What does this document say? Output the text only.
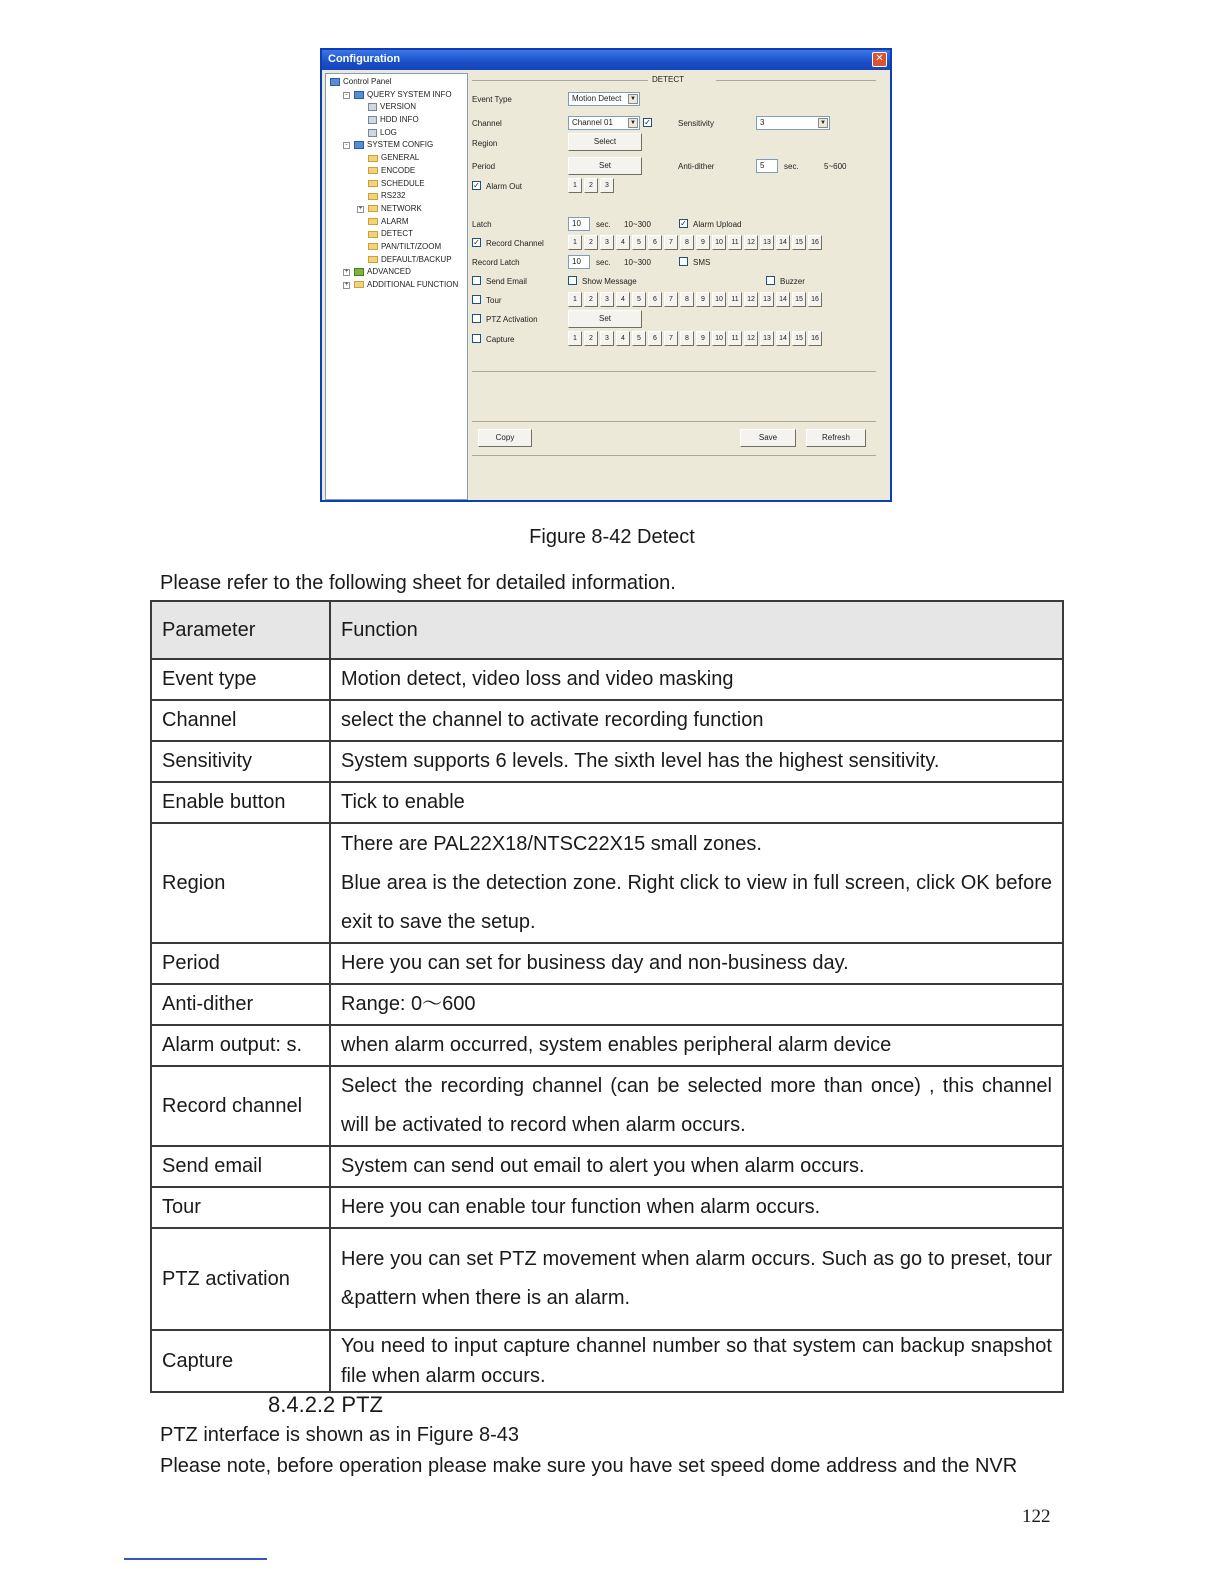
Configuration	✕
Control Panel
-	QUERY SYSTEM INFO
VERSION
HDD INFO
LOG
-	SYSTEM CONFIG
GENERAL
ENCODE
SCHEDULE
RS232
+	NETWORK
ALARM
DETECT
PAN/TILT/ZOOM
DEFAULT/BACKUP
+	ADVANCED
+	ADDITIONAL FUNCTION
DETECT
Event Type	Motion Detect	▼
Channel	Channel 01	▼ ✓	Sensitivity	3	▼
Region	Select
Period	Set	Anti-dither	5	sec.	5~600
✓ Alarm Out	1	2	3
Latch	10	sec. 10~300	✓ Alarm Upload
✓ Record Channel	1	2	3	4	5	6	7	8	9	10	11	12	13	14	15	16
Record Latch	10	sec. 10~300	SMS
Send Email	Show Message	Buzzer
Tour	1	2	3	4	5	6	7	8	9	10	11	12	13	14	15	16
PTZ Activation	Set
Capture	1	2	3	4	5	6	7	8	9	10	11	12	13	14	15	16
Copy	Save	Refresh
Figure 8-42 Detect
Please refer to the following sheet for detailed information.
Parameter	Function
Event type	Motion detect, video loss and video masking

Channel	select the channel to activate recording function

Sensitivity	System supports 6 levels. The sixth level has the highest sensitivity.

Enable button	Tick to enable

Region	There are PAL22X18/NTSC22X15 small zones.
Blue area is the detection zone. Right click to view in full screen, click OK before exit to save the setup.

Period	Here you can set for business day and non-business day.

Anti-dither	Range: 0～600

Alarm output: s.	when alarm occurred, system enables peripheral alarm device

Record channel	Select the recording channel (can be selected more than once) , this channel will be activated to record when alarm occurs.

Send email	System can send out email to alert you when alarm occurs.

Tour	Here you can enable tour function when alarm occurs.

PTZ activation	Here you can set PTZ movement when alarm occurs. Such as go to preset, tour &pattern when there is an alarm.

Capture	You need to input capture channel number so that system can backup snapshot file when alarm occurs.
8.4.2.2 PTZ
PTZ interface is shown as in Figure 8-43
Please note, before operation please make sure you have set speed dome address and the NVR
122
